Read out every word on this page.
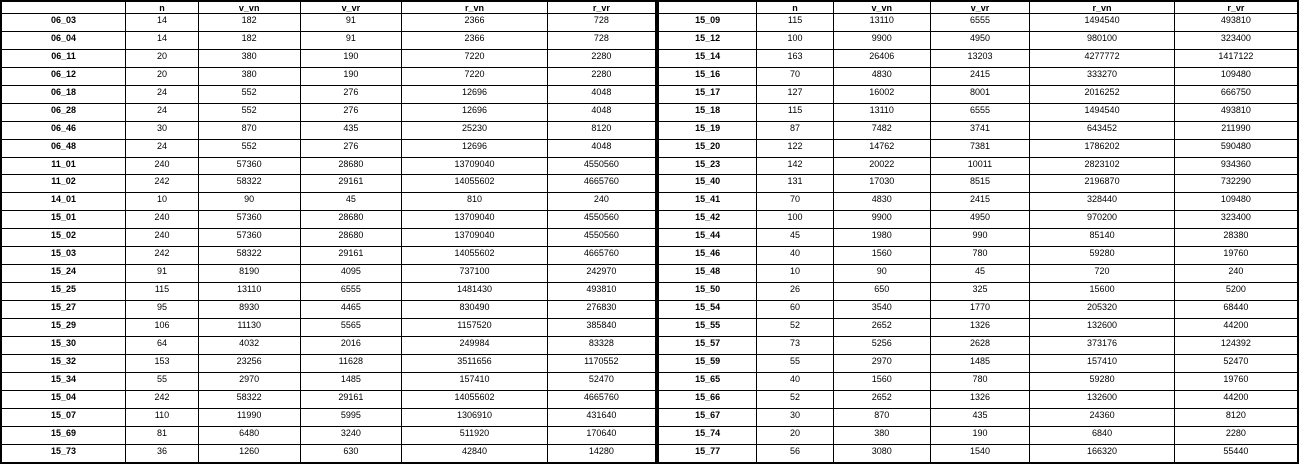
	n	v_vn	v_vr	r_vn	r_vr
06_03	14	182	91	2366	728
06_04	14	182	91	2366	728
06_11	20	380	190	7220	2280
06_12	20	380	190	7220	2280
06_18	24	552	276	12696	4048
06_28	24	552	276	12696	4048
06_46	30	870	435	25230	8120
06_48	24	552	276	12696	4048
11_01	240	57360	28680	13709040	4550560
11_02	242	58322	29161	14055602	4665760
14_01	10	90	45	810	240
15_01	240	57360	28680	13709040	4550560
15_02	240	57360	28680	13709040	4550560
15_03	242	58322	29161	14055602	4665760
15_24	91	8190	4095	737100	242970
15_25	115	13110	6555	1481430	493810
15_27	95	8930	4465	830490	276830
15_29	106	11130	5565	1157520	385840
15_30	64	4032	2016	249984	83328
15_32	153	23256	11628	3511656	1170552
15_34	55	2970	1485	157410	52470
15_04	242	58322	29161	14055602	4665760
15_07	110	11990	5995	1306910	431640
15_69	81	6480	3240	511920	170640
15_73	36	1260	630	42840	14280
	n	v_vn	v_vr	r_vn	r_vr
15_09	115	13110	6555	1494540	493810
15_12	100	9900	4950	980100	323400
15_14	163	26406	13203	4277772	1417122
15_16	70	4830	2415	333270	109480
15_17	127	16002	8001	2016252	666750
15_18	115	13110	6555	1494540	493810
15_19	87	7482	3741	643452	211990
15_20	122	14762	7381	1786202	590480
15_23	142	20022	10011	2823102	934360
15_40	131	17030	8515	2196870	732290
15_41	70	4830	2415	328440	109480
15_42	100	9900	4950	970200	323400
15_44	45	1980	990	85140	28380
15_46	40	1560	780	59280	19760
15_48	10	90	45	720	240
15_50	26	650	325	15600	5200
15_54	60	3540	1770	205320	68440
15_55	52	2652	1326	132600	44200
15_57	73	5256	2628	373176	124392
15_59	55	2970	1485	157410	52470
15_65	40	1560	780	59280	19760
15_66	52	2652	1326	132600	44200
15_67	30	870	435	24360	8120
15_74	20	380	190	6840	2280
15_77	56	3080	1540	166320	55440
